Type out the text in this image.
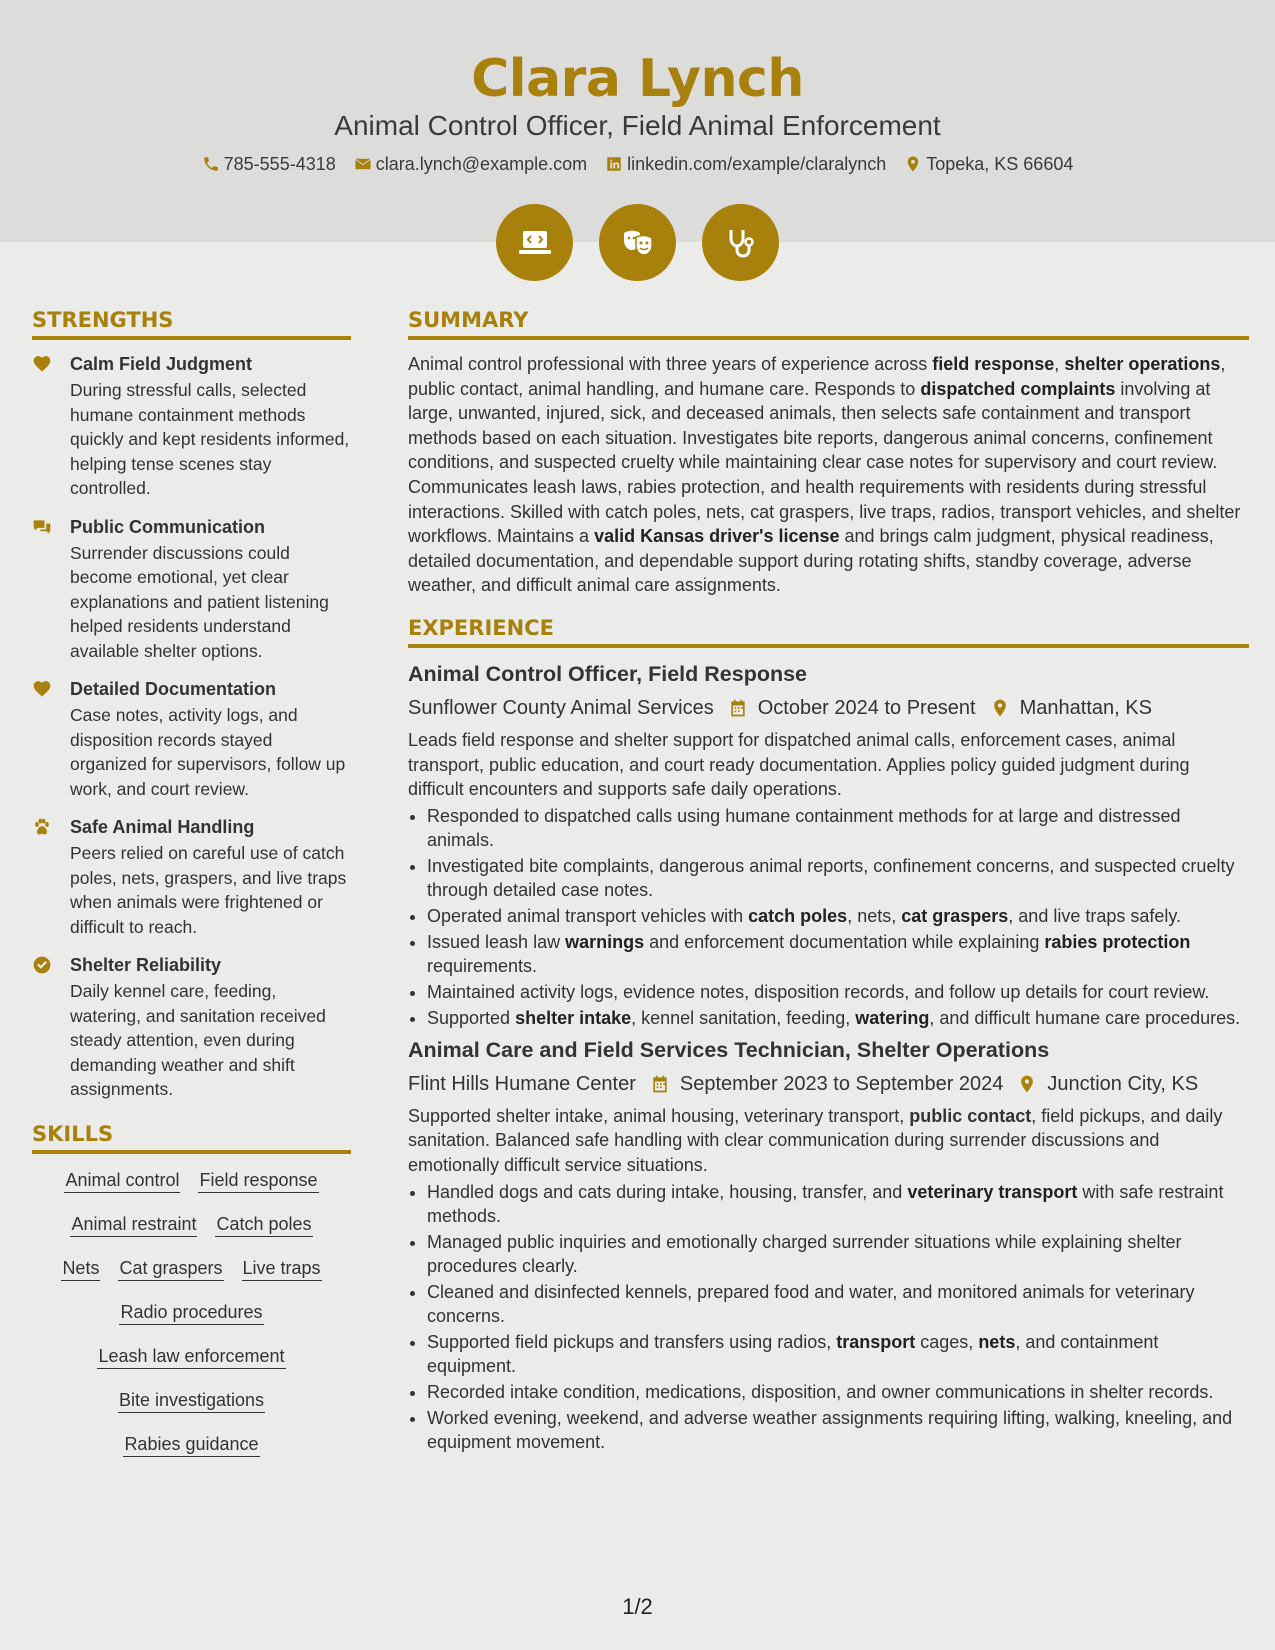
Clara Lynch
Animal Control Officer, Field Animal Enforcement
785-555-4318 clara.lynch@example.com linkedin.com/example/claralynch Topeka, KS 66604
STRENGTHS
Calm Field Judgment

During stressful calls, selected humane containment methods quickly and kept residents informed, helping tense scenes stay controlled.

Public Communication

Surrender discussions could become emotional, yet clear explanations and patient listening helped residents understand available shelter options.

Detailed Documentation

Case notes, activity logs, and disposition records stayed organized for supervisors, follow up work, and court review.

Safe Animal Handling

Peers relied on careful use of catch poles, nets, graspers, and live traps when animals were frightened or difficult to reach.

Shelter Reliability

Daily kennel care, feeding, watering, and sanitation received steady attention, even during demanding weather and shift assignments.

SKILLS
Animal control Field response
Animal restraint Catch poles
Nets Cat graspers Live traps
Radio procedures
Leash law enforcement
Bite investigations
Rabies guidance
SUMMARY

Animal control professional with three years of experience across field response, shelter operations, public contact, animal handling, and humane care. Responds to dispatched complaints involving at large, unwanted, injured, sick, and deceased animals, then selects safe containment and transport methods based on each situation. Investigates bite reports, dangerous animal concerns, confinement conditions, and suspected cruelty while maintaining clear case notes for supervisory and court review. Communicates leash laws, rabies protection, and health requirements with residents during stressful interactions. Skilled with catch poles, nets, cat graspers, live traps, radios, transport vehicles, and shelter workflows. Maintains a valid Kansas driver's license and brings calm judgment, physical readiness, detailed documentation, and dependable support during rotating shifts, standby coverage, adverse weather, and difficult animal care assignments.

EXPERIENCE
Animal Control Officer, Field Response
Sunflower County Animal Services October 2024 to Present Manhattan, KS

Leads field response and shelter support for dispatched animal calls, enforcement cases, animal transport, public education, and court ready documentation. Applies policy guided judgment during difficult encounters and supports safe daily operations.

• Responded to dispatched calls using humane containment methods for at large and distressed animals.
• Investigated bite complaints, dangerous animal reports, confinement concerns, and suspected cruelty through detailed case notes.
• Operated animal transport vehicles with catch poles, nets, cat graspers, and live traps safely.
• Issued leash law warnings and enforcement documentation while explaining rabies protection requirements.
• Maintained activity logs, evidence notes, disposition records, and follow up details for court review.
• Supported shelter intake, kennel sanitation, feeding, watering, and difficult humane care procedures.
Animal Care and Field Services Technician, Shelter Operations
Flint Hills Humane Center September 2023 to September 2024 Junction City, KS

Supported shelter intake, animal housing, veterinary transport, public contact, field pickups, and daily sanitation. Balanced safe handling with clear communication during surrender discussions and emotionally difficult service situations.

• Handled dogs and cats during intake, housing, transfer, and veterinary transport with safe restraint methods.
• Managed public inquiries and emotionally charged surrender situations while explaining shelter procedures clearly.
• Cleaned and disinfected kennels, prepared food and water, and monitored animals for veterinary concerns.
• Supported field pickups and transfers using radios, transport cages, nets, and containment equipment.
• Recorded intake condition, medications, disposition, and owner communications in shelter records.
• Worked evening, weekend, and adverse weather assignments requiring lifting, walking, kneeling, and equipment movement.
1/2
